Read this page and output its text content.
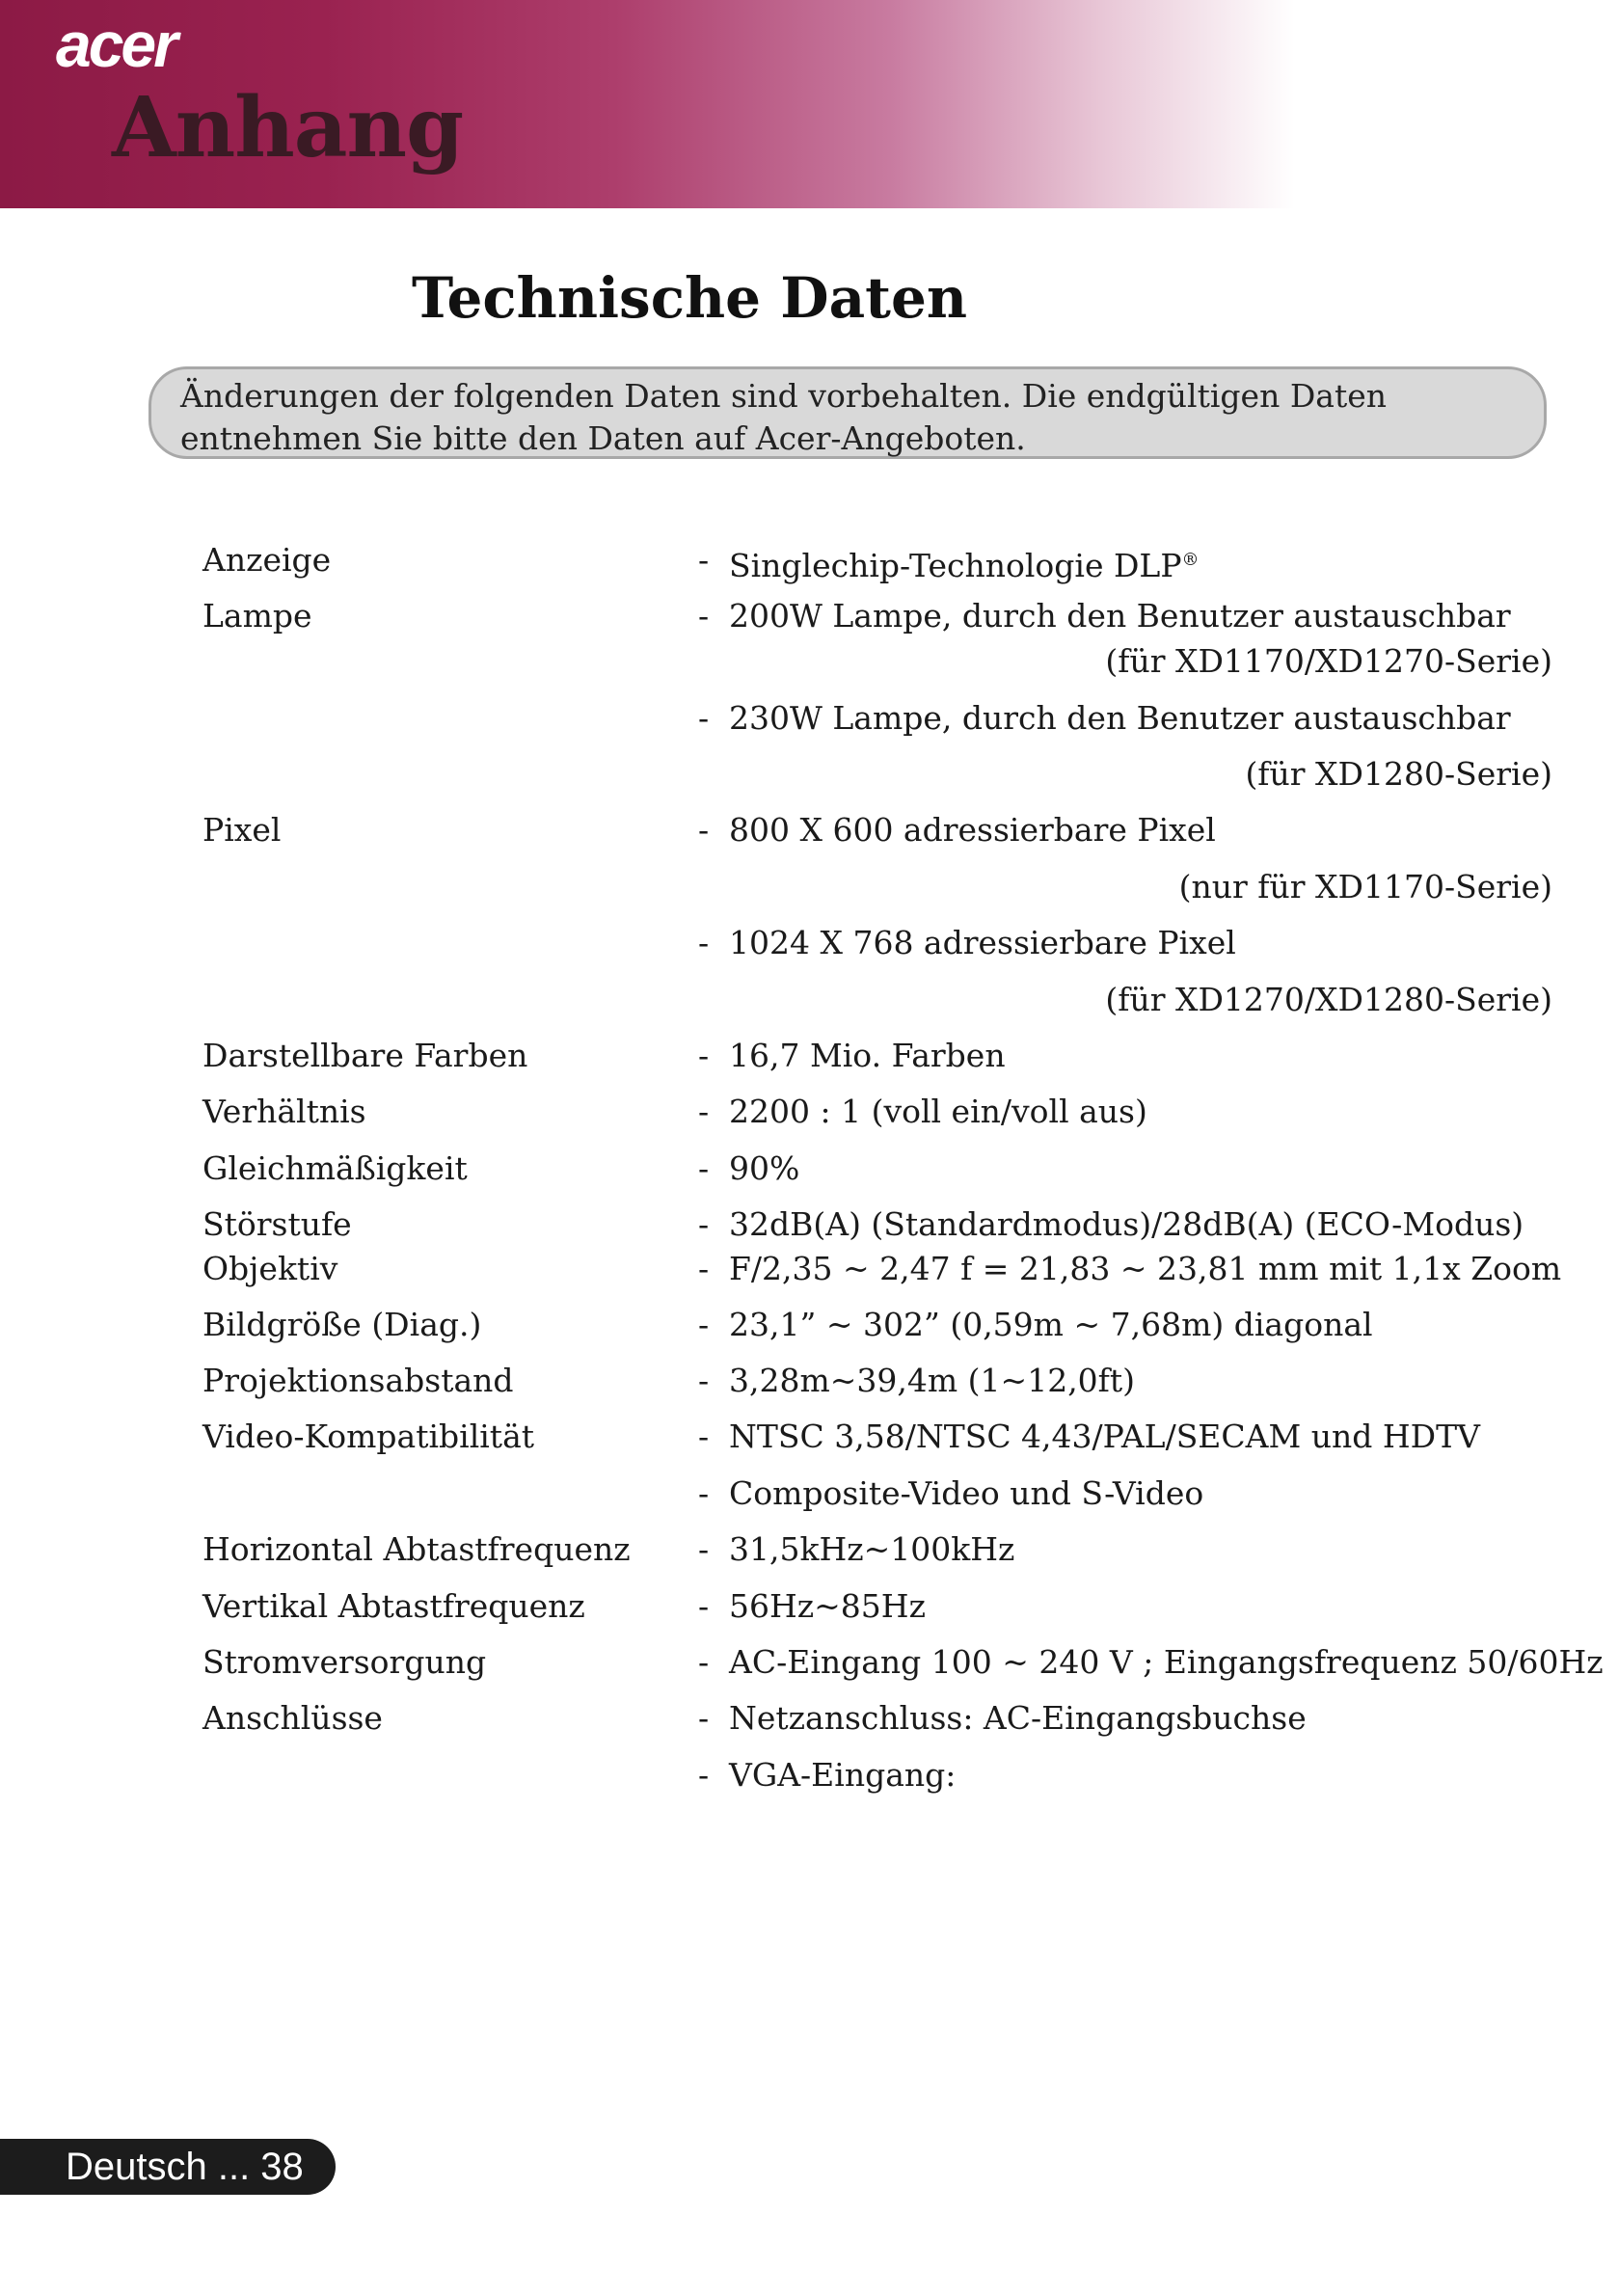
acer
Anhang
Technische Daten
Änderungen der folgenden Daten sind vorbehalten. Die endgültigen Daten entnehmen Sie bitte den Daten auf Acer-Angeboten.
Anzeige	- Singlechip-Technologie DLP®
Lampe	- 200W Lampe, durch den Benutzer austauschbar
(für XD1170/XD1270-Serie)
- 230W Lampe, durch den Benutzer austauschbar
(für XD1280-Serie)
Pixel	- 800 X 600 adressierbare Pixel
(nur für XD1170-Serie)
- 1024 X 768 adressierbare Pixel
(für XD1270/XD1280-Serie)
Darstellbare Farben	- 16,7 Mio. Farben
Verhältnis	- 2200 : 1 (voll ein/voll aus)
Gleichmäßigkeit	- 90%
Störstufe	- 32dB(A) (Standardmodus)/28dB(A) (ECO-Modus)
Objektiv	- F/2,35 ~ 2,47 f = 21,83 ~ 23,81 mm mit 1,1x Zoom
Bildgröße (Diag.)	- 23,1” ~ 302” (0,59m ~ 7,68m) diagonal
Projektionsabstand	- 3,28m~39,4m (1~12,0ft)
Video-Kompatibilität	- NTSC 3,58/NTSC 4,43/PAL/SECAM und HDTV
- Composite-Video und S-Video
Horizontal Abtastfrequenz - 31,5kHz~100kHz
Vertikal Abtastfrequenz	- 56Hz~85Hz
Stromversorgung	- AC-Eingang 100 ~ 240 V ; Eingangsfrequenz 50/60Hz
Anschlüsse	- Netzanschluss: AC-Eingangsbuchse
- VGA-Eingang:
Deutsch ... 38
